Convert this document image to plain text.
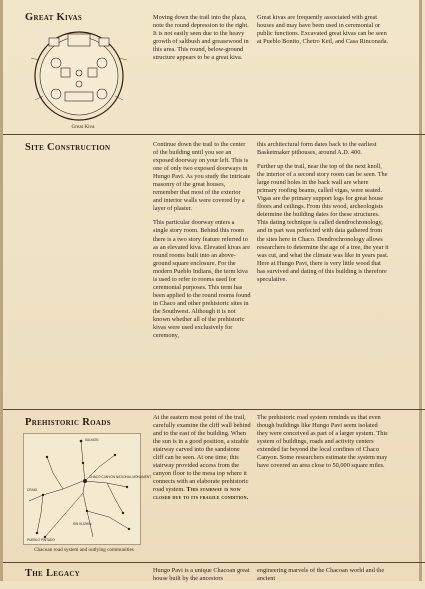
Great Kivas
Great Kiva

Moving down the trail into the plaza, note the round depression to the right. It is not easily seen due to the heavy growth of saltbush and greasewood in this area. This round, below-ground structure appears to be a great kiva.

Great kivas are frequently associated with great houses and may have been used in ceremonial or public functions. Excavated great kivas can be seen at Pueblo Bonito, Chetro Ketl, and Casa Rinconada.

Site Construction	Continue down the trail to the center of the building until you see an exposed doorway on your left. This is one of only two exposed doorways in Hungo Pavi. As you study the intricate masonry of the great houses, remember that most of the exterior and interior walls were covered by a layer of plaster.

This particular doorway enters a single story room. Behind this room there is a two story feature referred to as an elevated kiva. Elevated kivas are round rooms built into an above-ground square enclosure. For the modern Pueblo Indians, the term kiva is used to refer to rooms used for ceremonial purposes. This term has been applied to the round rooms found in Chaco and other prehistoric sites in the Southwest. Although it is not known whether all of the prehistoric kivas were used exclusively for ceremony,

this architectural form dates back to the earliest Basketmaker pithouses, around A.D. 400.

Further up the trail, near the top of the next knoll, the interior of a second story room can be seen. The large round holes in the back wall are where primary roofing beams, called vigas, were seated. Vigas are the primary support logs for great house floors and ceilings. From this wood, archeologists determine the building dates for these structures. This dating technique is called dendrochronology, and in part was perfected with data gathered from the sites here in Chaco. Dendrochronology allows researchers to determine the age of a tree, the year it was cut, and what the climate was like in years past. Here at Hungo Pavi, there is very little wood that has survived and dating of this building is therefore speculative.

Prehistoric Roads
SALMON
CHACO CANYON NATIONAL MONUMENT
CRAIG
KIN KLIZHIN
PUEBLO PINTADO
Chacoan road system and outlying communities

At the eastern most point of the trail, carefully examine the cliff wall behind and to the east of the building. When the sun is in a good position, a sizable stairway carved into the sandstone cliff can be seen. At one time, this stairway provided access from the canyon floor to the mesa top where it connects with an elaborate prehistoric road system. This stairway is now closed due to its fragile condition.

The prehistoric road system reminds us that even though buildings like Hungo Pavi seem isolated they were conceived as part of a larger system. This system of buildings, roads and activity centers extended far beyond the local confines of Chaco Canyon. Some researchers estimate the system may have covered an area close to 50,000 square miles.

The Legacy	Hungo Pavi is a unique Chacoan great house built by the ancestors

engineering marvels of the Chacoan world and the ancient
